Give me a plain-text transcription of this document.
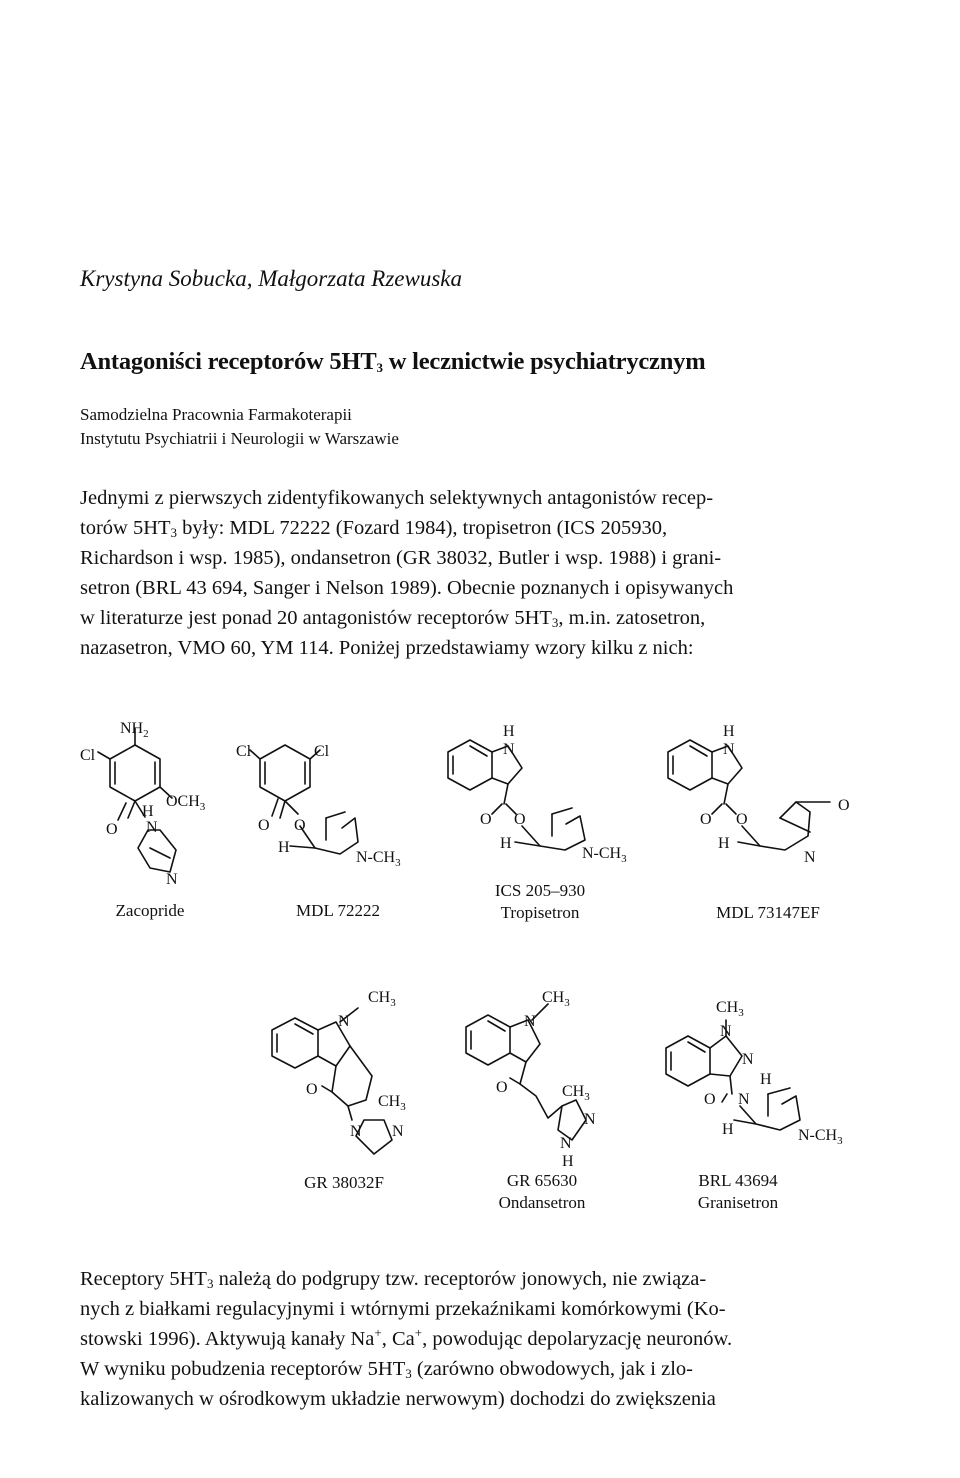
Krystyna Sobucka, Małgorzata Rzewuska
Antagoniści receptorów $5HT_3$ w lecznictwie psychiatrycznym
Samodzielna Pracownia Farmakoterapii
Instytutu Psychiatrii i Neurologii w Warszawie
Jednymi z pierwszych zidentyfikowanych selektywnych antagonistów recep-
torów $5HT_3$ były: MDL 72222 (Fozard 1984), tropisetron (ICS 205930,
Richardson i wsp. 1985), ondansetron (GR 38032, Butler i wsp. 1988) i grani-
setron (BRL 43 694, Sanger i Nelson 1989). Obecnie poznanych i opisywanych
w literaturze jest ponad 20 antagonistów receptorów $5HT_3$, m.in. zatosetron,
nazasetron, VMO 60, YM 114. Poniżej przedstawiamy wzory kilku z nich:
$NH_2$
Cl
$OCH_3$
O
H
N
N
Cl	Cl
O O
H
$N-CH_3$
H
N
O O
H
$N-CH_3$
H
N
O O
O
H
N
Zacopride	MDL 72222
ICS 205–930
Tropisetron	MDL 73147EF
$CH_3$
N
O
$CH_3$
N N
$CH_3$
N
O	$CH_3$
N
N
H
$CH_3$
N
N
H
O N
H	$N-CH_3$
GR 38032F	GR 65630
Ondansetron
BRL 43694
Granisetron
Receptory $5HT_3$ należą do podgrupy tzw. receptorów jonowych, nie związa-
nych z białkami regulacyjnymi i wtórnymi przekaźnikami komórkowymi (Ko-
stowski 1996). Aktywują kanały Na+, Ca+, powodując depolaryzację neuronów.
W wyniku pobudzenia receptorów $5HT_3$ (zarówno obwodowych, jak i zlo-
kalizowanych w ośrodkowym układzie nerwowym) dochodzi do zwiększenia
